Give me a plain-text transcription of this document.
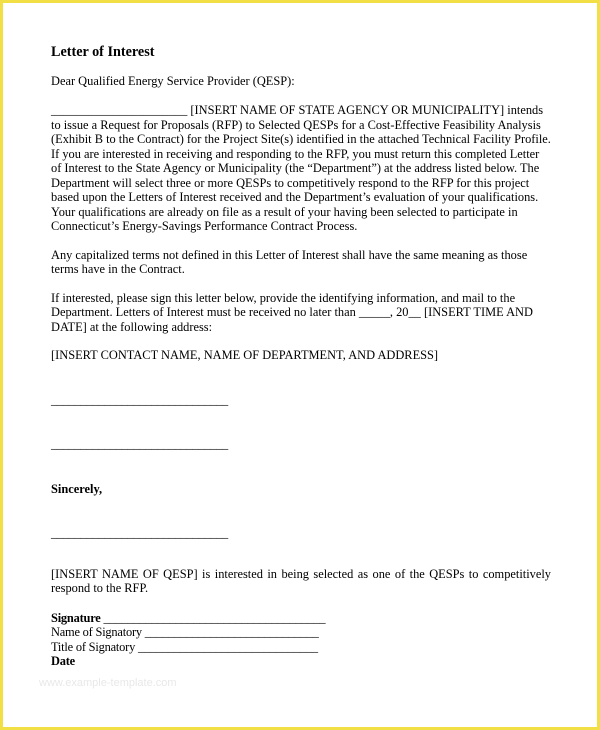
Letter of Interest

Dear Qualified Energy Service Provider (QESP):

______________________ [INSERT NAME OF STATE AGENCY OR MUNICIPALITY] intends to issue a Request for Proposals (RFP) to Selected QESPs for a Cost-Effective Feasibility Analysis (Exhibit B to the Contract) for the Project Site(s) identified in the attached Technical Facility Profile. If you are interested in receiving and responding to the RFP, you must return this completed Letter of Interest to the State Agency or Municipality (the “Department”) at the address listed below. The Department will select three or more QESPs to competitively respond to the RFP for this project based upon the Letters of Interest received and the Department’s evaluation of your qualifications. Your qualifications are already on file as a result of your having been selected to participate in Connecticut’s Energy-Savings Performance Contract Process.

Any capitalized terms not defined in this Letter of Interest shall have the same meaning as those terms have in the Contract.

If interested, please sign this letter below, provide the identifying information, and mail to the Department. Letters of Interest must be received no later than _____, 20__ [INSERT TIME AND DATE] at the following address:

[INSERT CONTACT NAME, NAME OF DEPARTMENT, AND ADDRESS]

______________________________

______________________________

Sincerely,

______________________________

[INSERT NAME OF QESP] is interested in being selected as one of the QESPs to competitively respond to the RFP.

Signature _____________________________________
Name of Signatory _____________________________
Title of Signatory ______________________________
Date
www.example-template.com
